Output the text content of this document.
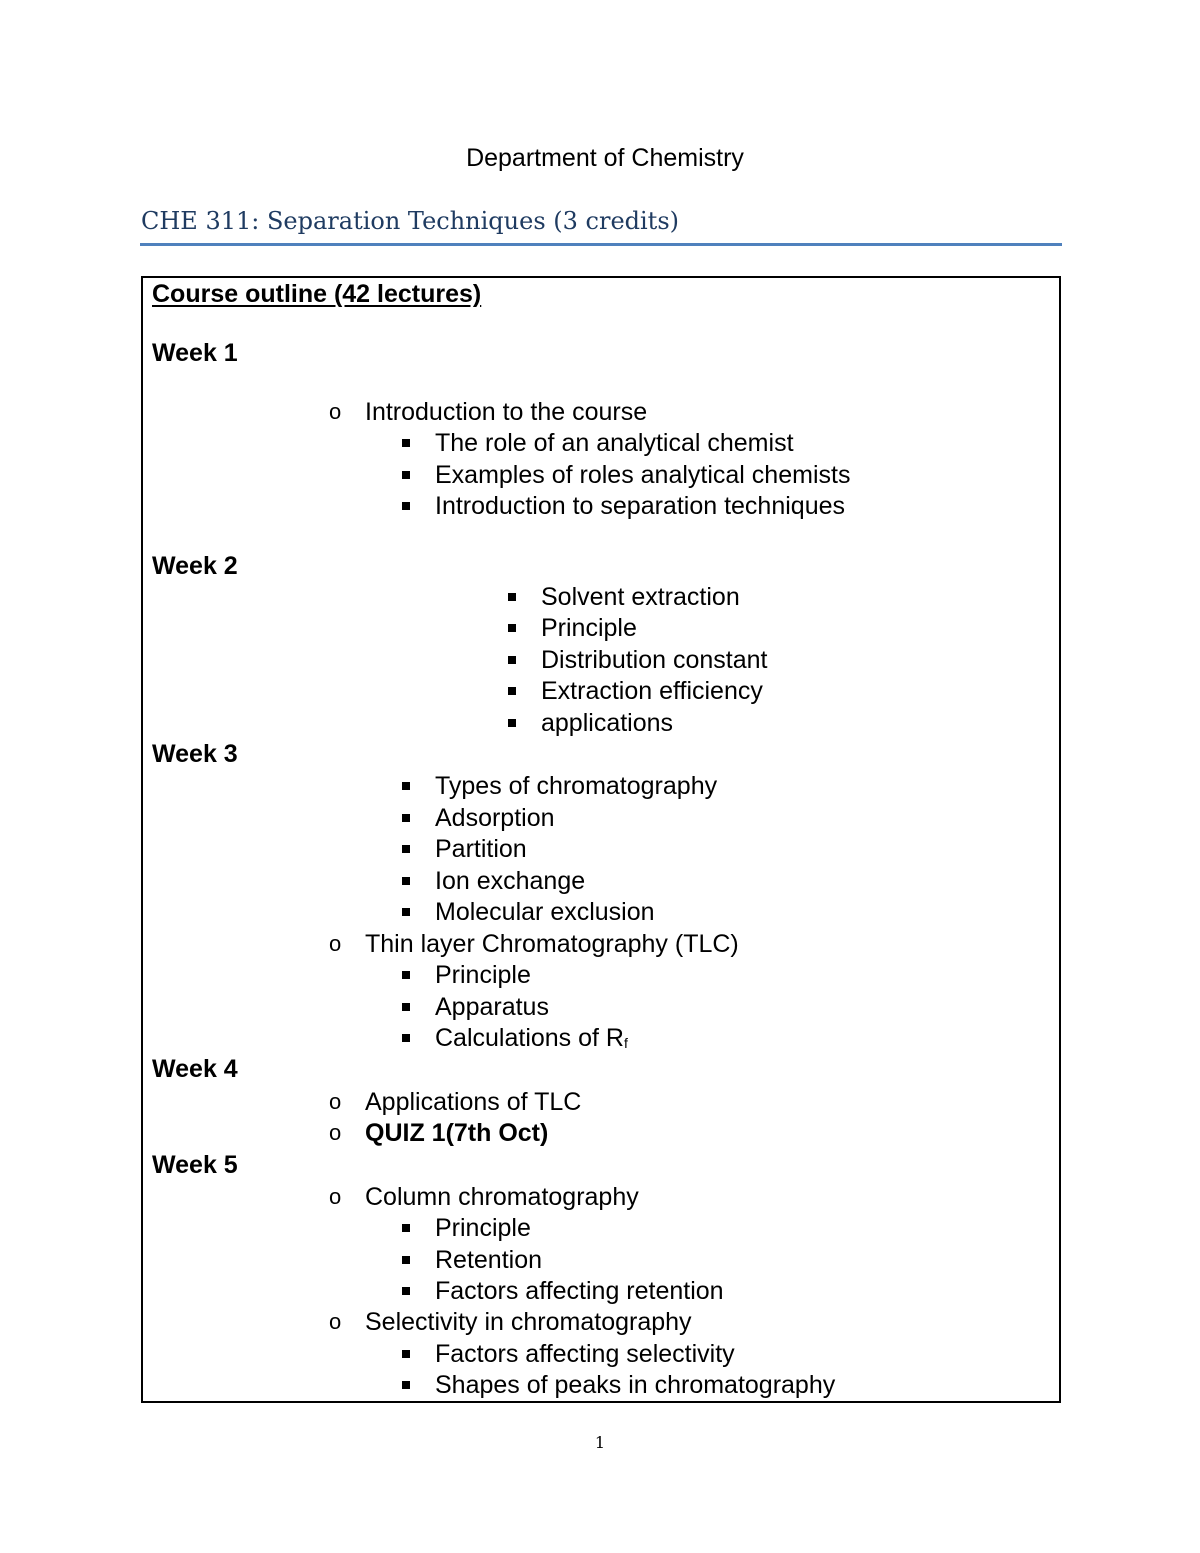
Department of Chemistry
CHE 311: Separation Techniques (3 credits)
Course outline (42 lectures)
Week 1
o Introduction to the course
The role of an analytical chemist
Examples of roles analytical chemists
Introduction to separation techniques
Week 2
Solvent extraction
Principle
Distribution constant
Extraction efficiency
applications
Week 3
Types of chromatography
Adsorption
Partition
Ion exchange
Molecular exclusion
o Thin layer Chromatography (TLC)
Principle
Apparatus
Calculations of $R_f$
Week 4
o Applications of TLC
o QUIZ 1(7th Oct)
Week 5
o Column chromatography
Principle
Retention
Factors affecting retention
o Selectivity in chromatography
Factors affecting selectivity
Shapes of peaks in chromatography
1
